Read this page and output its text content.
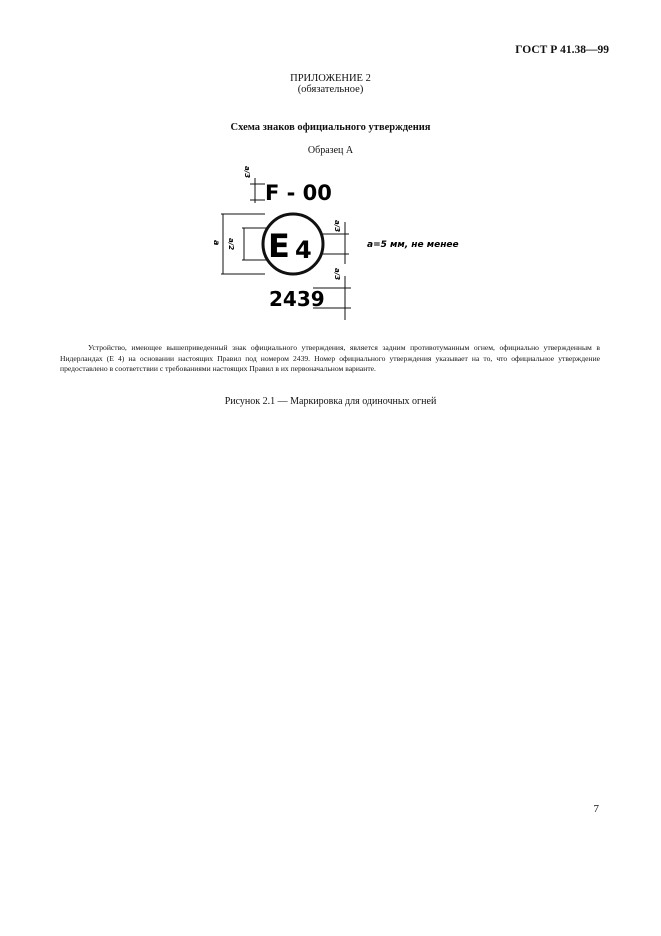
ГОСТ Р 41.38—99
ПРИЛОЖЕНИЕ 2
(обязательное)
Схема знаков официального утверждения
Образец А
F - 00
a/3
E 4
a a/2
a/3
a=5 мм, не менее
2439
a/3
Устройство, имеющее вышеприведенный знак официального утверждения, является задним противотуманным огнем, официально утвержденным в Нидерландах (E 4) на основании настоящих Правил под номером 2439. Номер официального утверждения указывает на то, что официальное утверждение предоставлено в соответствии с требованиями настоящих Правил в их первоначальном варианте.
Рисунок 2.1 — Маркировка для одиночных огней
7
